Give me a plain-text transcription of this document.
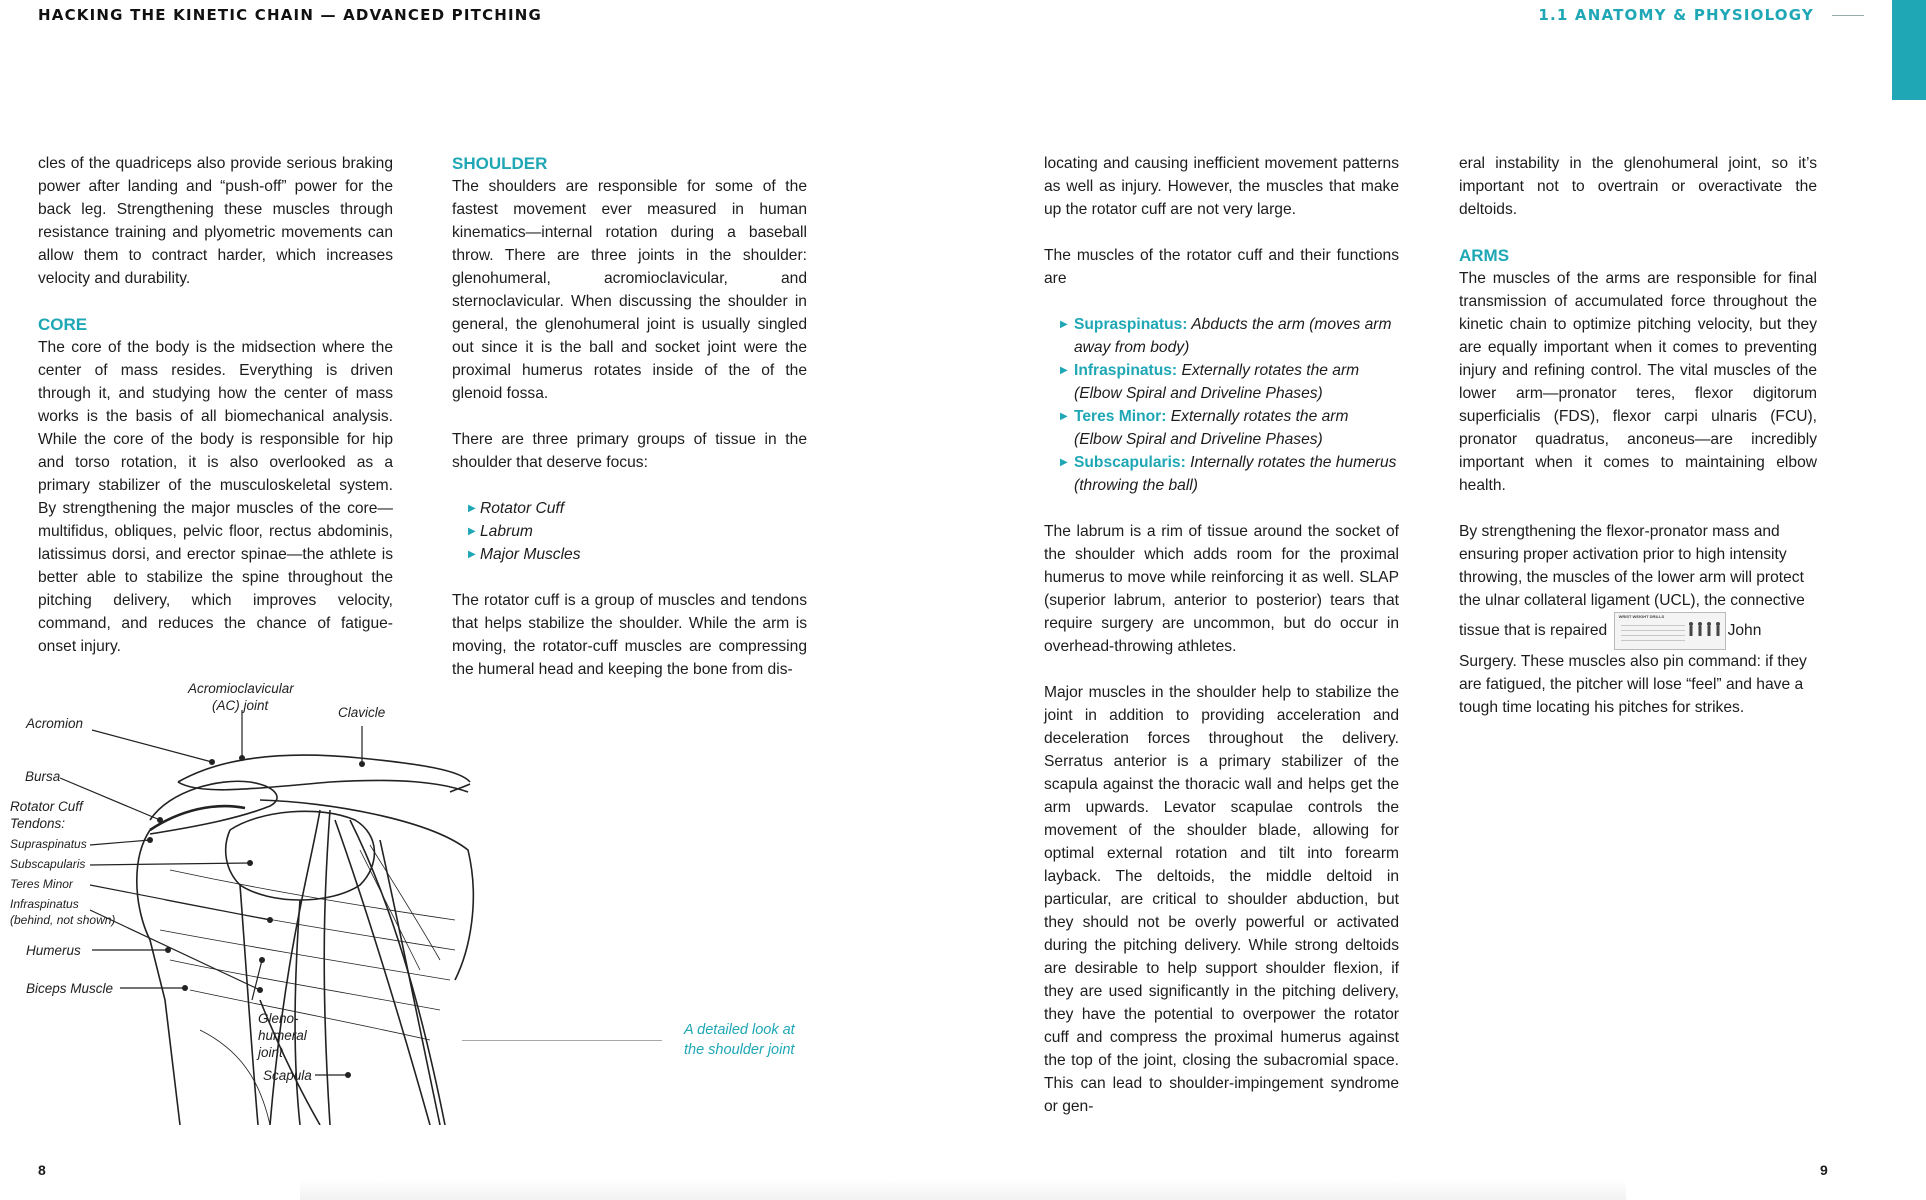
HACKING THE KINETIC CHAIN — ADVANCED PITCHING	1.1 ANATOMY & PHYSIOLOGY

cles of the quadriceps also provide serious braking power after landing and “push-off” power for the back leg. Strengthening these muscles through resistance training and plyometric movements can allow them to contract harder, which increases velocity and durability.

CORE

The core of the body is the midsection where the center of mass resides. Everything is driven through it, and studying how the center of mass works is the basis of all biomechanical analysis. While the core of the body is responsible for hip and torso rotation, it is also overlooked as a primary stabilizer of the musculoskeletal system. By strengthening the major muscles of the core—multifidus, obliques, pelvic floor, rectus abdominis, latissimus dorsi, and erector spinae—the athlete is better able to stabilize the spine throughout the pitching delivery, which improves velocity, command, and reduces the chance of fatigue-onset injury.

SHOULDER

The shoulders are responsible for some of the fastest movement ever measured in human kinematics—internal rotation during a baseball throw. There are three joints in the shoulder: glenohumeral, acromioclavicular, and sternoclavicular. When discussing the shoulder in general, the glenohumeral joint is usually singled out since it is the ball and socket joint were the proximal humerus rotates inside of the of the glenoid fossa.

There are three primary groups of tissue in the shoulder that deserve focus:

▶ Rotator Cuff
▶ Labrum
▶ Major Muscles

The rotator cuff is a group of muscles and tendons that helps stabilize the shoulder. While the arm is moving, the rotator-cuff muscles are compressing the humeral head and keeping the bone from dis-

locating and causing inefficient movement patterns as well as injury. However, the muscles that make up the rotator cuff are not very large.

The muscles of the rotator cuff and their functions are

▶ Supraspinatus: Abducts the arm (moves arm away from body)
▶ Infraspinatus: Externally rotates the arm (Elbow Spiral and Driveline Phases)
▶ Teres Minor: Externally rotates the arm (Elbow Spiral and Driveline Phases)
▶ Subscapularis: Internally rotates the humerus (throwing the ball)

The labrum is a rim of tissue around the socket of the shoulder which adds room for the proximal humerus to move while reinforcing it as well. SLAP (superior labrum, anterior to posterior) tears that require surgery are uncommon, but do occur in overhead-throwing athletes.

Major muscles in the shoulder help to stabilize the joint in addition to providing acceleration and deceleration forces throughout the delivery. Serratus anterior is a primary stabilizer of the scapula against the thoracic wall and helps get the arm upwards. Levator scapulae controls the movement of the shoulder blade, allowing for optimal external rotation and tilt into forearm layback. The deltoids, the middle deltoid in particular, are critical to shoulder abduction, but they should not be overly powerful or activated during the pitching delivery. While strong deltoids are desirable to help support shoulder flexion, if they are used significantly in the pitching delivery, they have the potential to overpower the rotator cuff and compress the proximal humerus against the top of the joint, closing the subacromial space. This can lead to shoulder-impingement syndrome or gen-

eral instability in the glenohumeral joint, so it’s important not to overtrain or overactivate the deltoids.

ARMS

The muscles of the arms are responsible for final transmission of accumulated force throughout the kinetic chain to optimize pitching velocity, but they are equally important when it comes to preventing injury and refining control. The vital muscles of the lower arm—pronator teres, flexor digitorum superficialis (FDS), flexor carpi ulnaris (FCU), pronator quadratus, anconeus—are incredibly important when it comes to maintaining elbow health.

By strengthening the flexor-pronator mass and ensuring proper activation prior to high intensity throwing, the muscles of the lower arm will protect the ulnar collateral ligament (UCL), the connective tissue that is repaired
WRIST WEIGHT DRILLS
John Surgery. These muscles also pin command: if they are fatigued, the pitcher will lose “feel” and have a tough time locating his pitches for strikes.

Acromioclavicular
(AC) joint	Clavicle
Acromion
Bursa
Rotator Cuff
Tendons:
Supraspinatus
Subscapularis
Teres Minor
Infraspinatus
(behind, not shown)
Humerus
Biceps Muscle
Gleno-
humeral
joint
Scapula
A detailed look at
the shoulder joint
8	9
